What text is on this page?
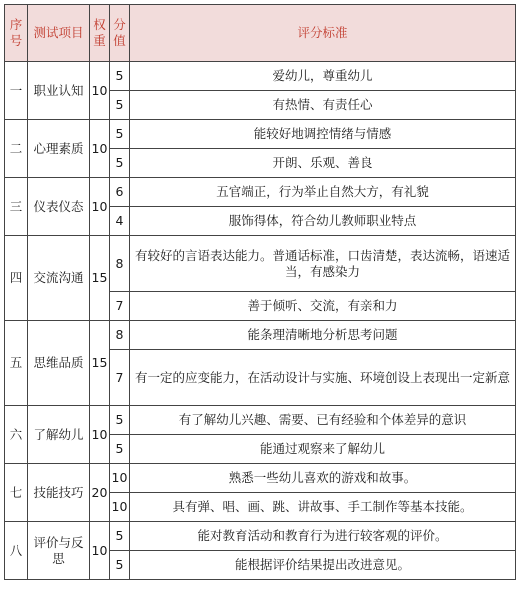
序号	测试项目	权重	分值	评分标准
一	职业认知	10	5	爱幼儿，尊重幼儿
			5	有热情、有责任心
二	心理素质	10	5	能较好地调控情绪与情感
			5	开朗、乐观、善良
三	仪表仪态	10	6	五官端正，行为举止自然大方，有礼貌
			4	服饰得体，符合幼儿教师职业特点
四	交流沟通	15	8	有较好的言语表达能力。普通话标准，口齿清楚，表达流畅，语速适当，有感染力
			7	善于倾听、交流，有亲和力
五	思维品质	15	8	能条理清晰地分析思考问题
			7	有一定的应变能力，在活动设计与实施、环境创设上表现出一定新意
六	了解幼儿	10	5	有了解幼儿兴趣、需要、已有经验和个体差异的意识
			5	能通过观察来了解幼儿
七	技能技巧	20	10	熟悉一些幼儿喜欢的游戏和故事。
			10	具有弹、唱、画、跳、讲故事、手工制作等基本技能。
八	评价与反思	10	5	能对教育活动和教育行为进行较客观的评价。
			5	能根据评价结果提出改进意见。
